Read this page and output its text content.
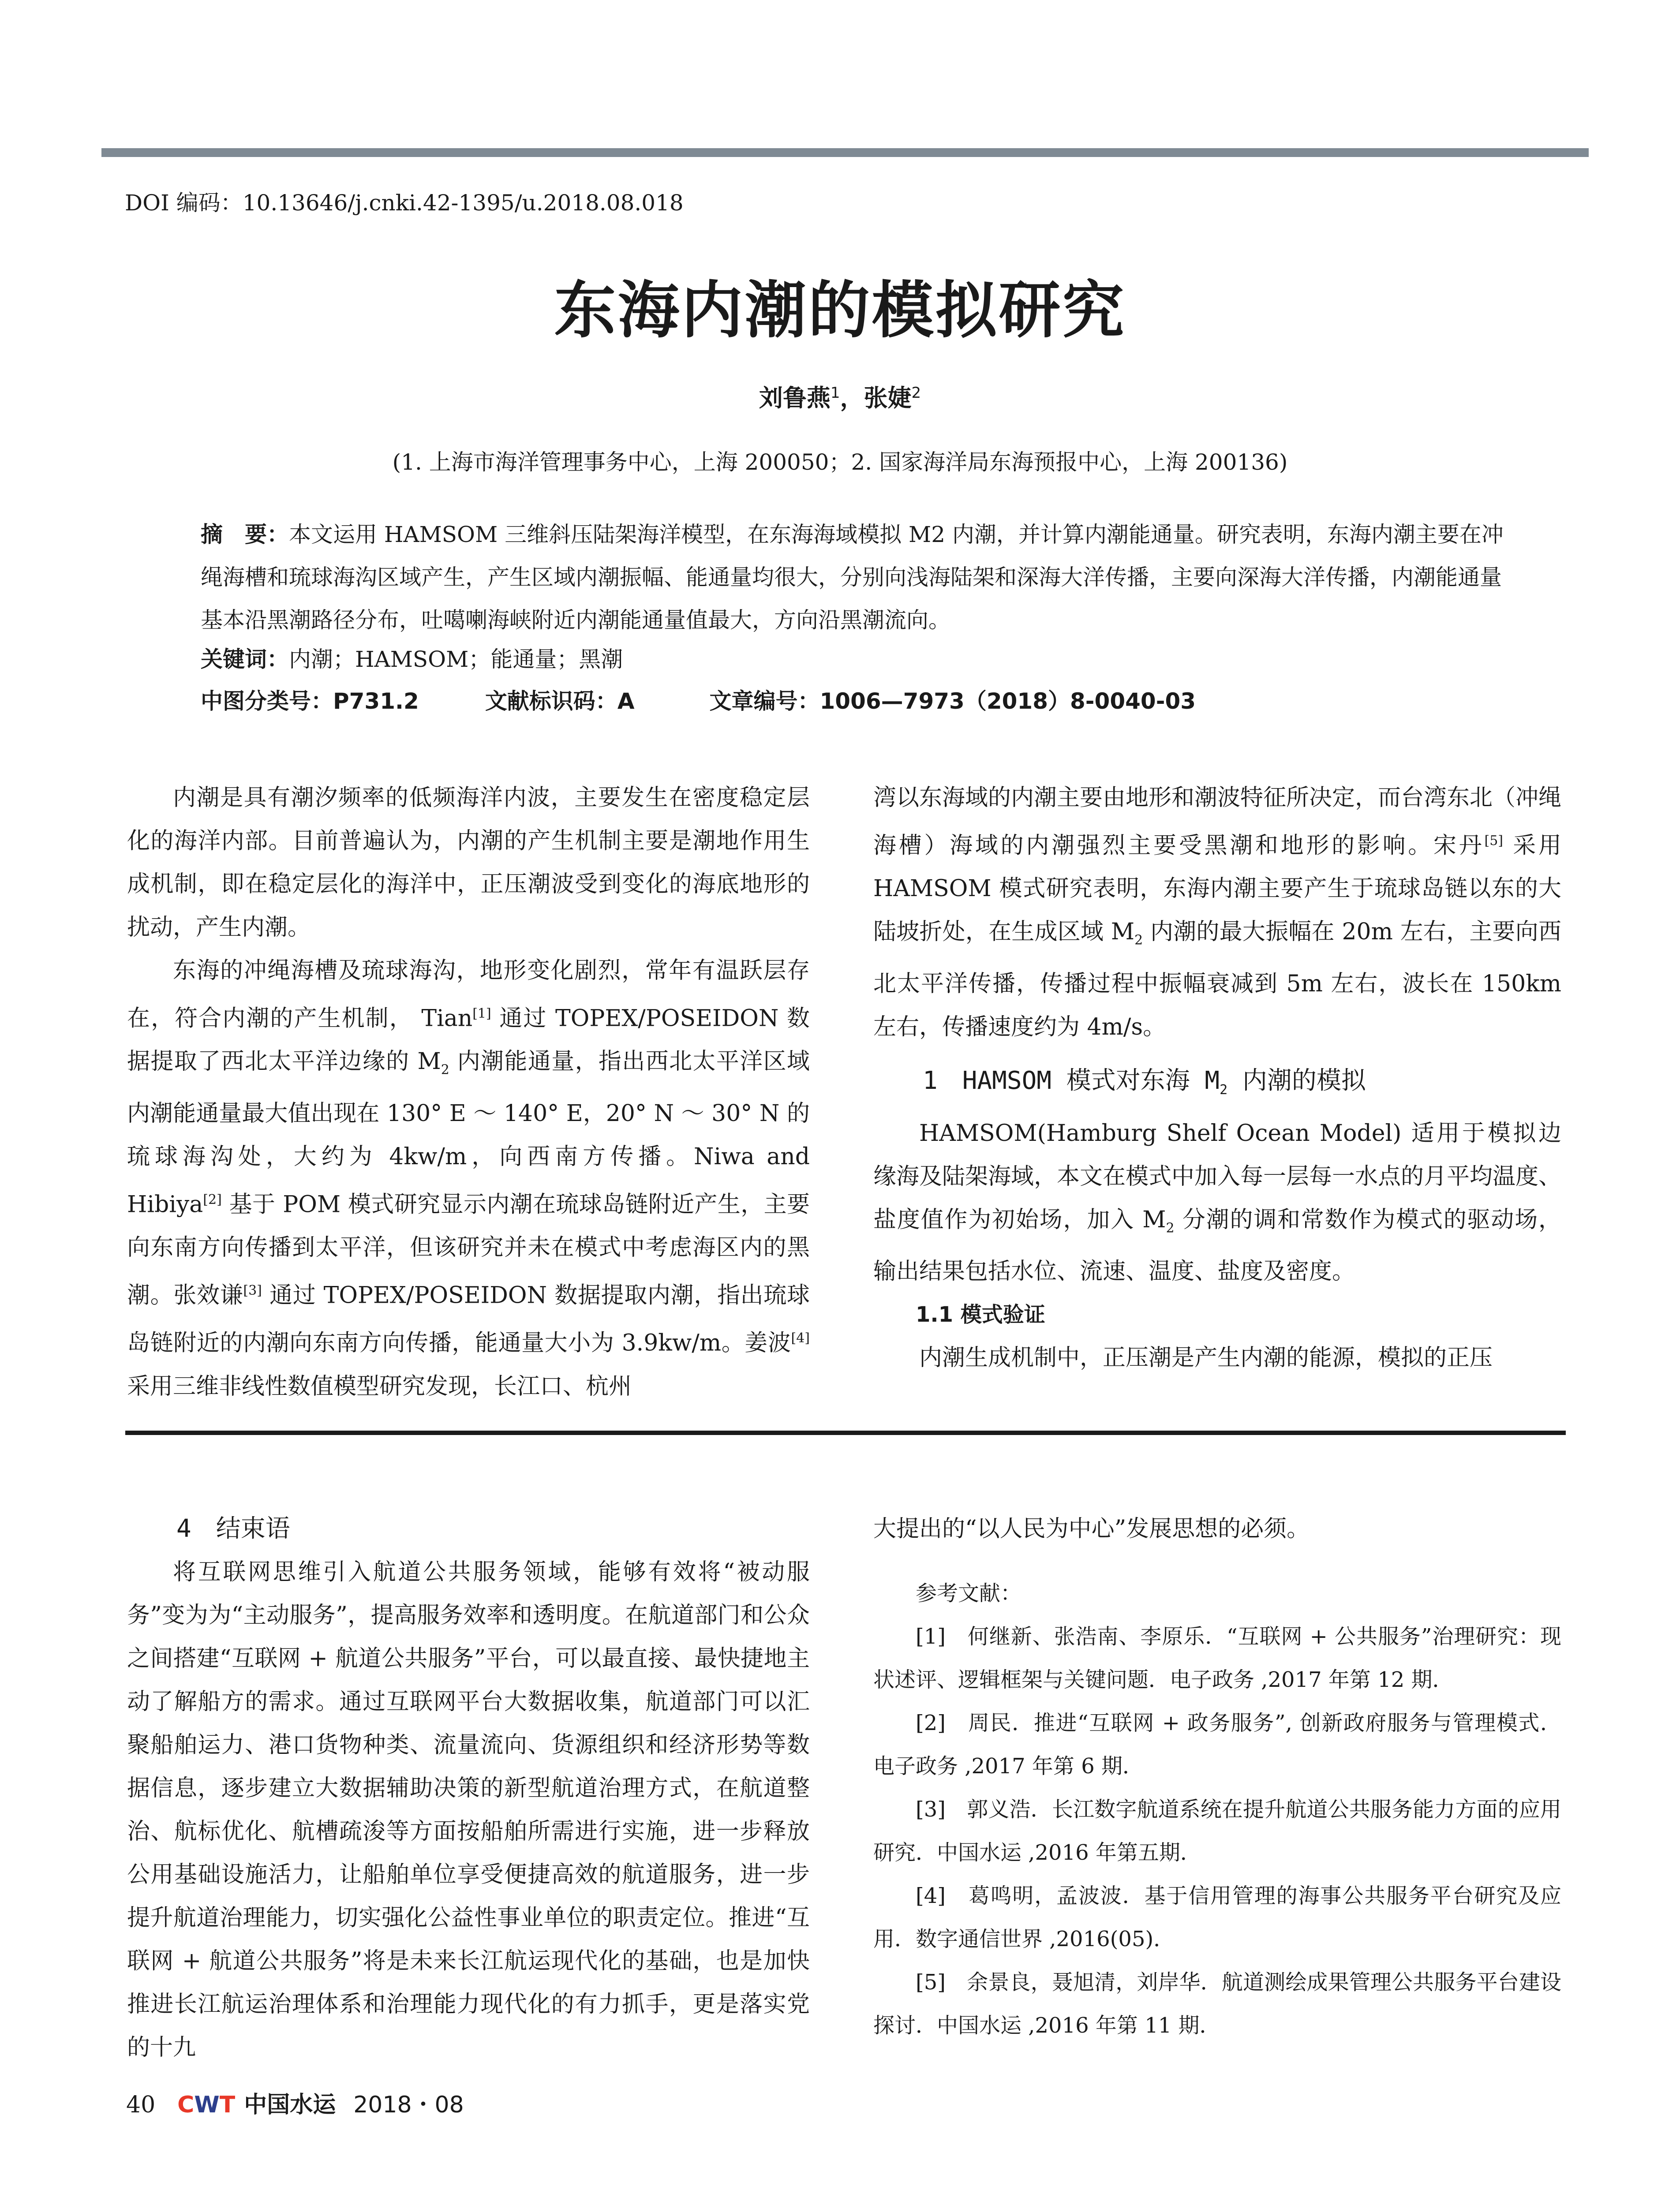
DOI 编码：10.13646/j.cnki.42-1395/u.2018.08.018
东海内潮的模拟研究
刘鲁燕$^1$，张婕$^2$
(1. 上海市海洋管理事务中心，上海 200050；2. 国家海洋局东海预报中心，上海 200136)
摘　要：本文运用 HAMSOM 三维斜压陆架海洋模型，在东海海域模拟 M2 内潮，并计算内潮能通量。研究表明，东海内潮主要在冲绳海槽和琉球海沟区域产生，产生区域内潮振幅、能通量均很大，分别向浅海陆架和深海大洋传播，主要向深海大洋传播，内潮能通量基本沿黑潮路径分布，吐噶喇海峡附近内潮能通量值最大，方向沿黑潮流向。
关键词：内潮；HAMSOM；能通量；黑潮
中图分类号：P731.2	文献标识码：A	文章编号：1006—7973（2018）8-0040-03

内潮是具有潮汐频率的低频海洋内波，主要发生在密度稳定层化的海洋内部。目前普遍认为，内潮的产生机制主要是潮地作用生成机制，即在稳定层化的海洋中，正压潮波受到变化的海底地形的扰动，产生内潮。

东海的冲绳海槽及琉球海沟，地形变化剧烈，常年有温跃层存在，符合内潮的产生机制， Tian[1] 通过 TOPEX/POSEIDON 数据提取了西北太平洋边缘的 $M_2$ 内潮能通量，指出西北太平洋区域内潮能通量最大值出现在 130° E ～ 140° E，20° N ～ 30° N 的琉球海沟处，大约为 4kw/m，向西南方传播。Niwa and Hibiya[2] 基于 POM 模式研究显示内潮在琉球岛链附近产生，主要向东南方向传播到太平洋，但该研究并未在模式中考虑海区内的黑潮。张效谦[3] 通过 TOPEX/POSEIDON 数据提取内潮，指出琉球岛链附近的内潮向东南方向传播，能通量大小为 3.9kw/m。姜波[4] 采用三维非线性数值模型研究发现，长江口、杭州

湾以东海域的内潮主要由地形和潮波特征所决定，而台湾东北（冲绳海槽）海域的内潮强烈主要受黑潮和地形的影响。宋丹[5] 采用 HAMSOM 模式研究表明，东海内潮主要产生于琉球岛链以东的大陆坡折处，在生成区域 $M_2$ 内潮的最大振幅在 20m 左右，主要向西北太平洋传播，传播过程中振幅衰减到 5m 左右，波长在 150km 左右，传播速度约为 4m/s。

1　HAMSOM 模式对东海 $M_2$ 内潮的模拟

HAMSOM(Hamburg Shelf Ocean Model) 适用于模拟边缘海及陆架海域，本文在模式中加入每一层每一水点的月平均温度、盐度值作为初始场，加入 $M_2$ 分潮的调和常数作为模式的驱动场，输出结果包括水位、流速、温度、盐度及密度。

1.1 模式验证

内潮生成机制中，正压潮是产生内潮的能源，模拟的正压

4　结束语

将互联网思维引入航道公共服务领域，能够有效将“被动服务”变为为“主动服务”，提高服务效率和透明度。在航道部门和公众之间搭建“互联网 + 航道公共服务”平台，可以最直接、最快捷地主动了解船方的需求。通过互联网平台大数据收集，航道部门可以汇聚船舶运力、港口货物种类、流量流向、货源组织和经济形势等数据信息，逐步建立大数据辅助决策的新型航道治理方式，在航道整治、航标优化、航槽疏浚等方面按船舶所需进行实施，进一步释放公用基础设施活力，让船舶单位享受便捷高效的航道服务，进一步提升航道治理能力，切实强化公益性事业单位的职责定位。推进“互联网 + 航道公共服务”将是未来长江航运现代化的基础，也是加快推进长江航运治理体系和治理能力现代化的有力抓手，更是落实党的十九

大提出的“以人民为中心”发展思想的必须。

参考文献：

[1]　何继新、张浩南、李原乐．“互联网 + 公共服务”治理研究：现状述评、逻辑框架与关键问题．电子政务 ,2017 年第 12 期．

[2]　周民．推进“互联网 + 政务服务”, 创新政府服务与管理模式．电子政务 ,2017 年第 6 期．

[3]　郭义浩．长江数字航道系统在提升航道公共服务能力方面的应用研究．中国水运 ,2016 年第五期．

[4]　葛鸣明，孟波波．基于信用管理的海事公共服务平台研究及应用．数字通信世界 ,2016(05)．

[5]　余景良，聂旭清，刘岸华．航道测绘成果管理公共服务平台建设探讨．中国水运 ,2016 年第 11 期．

40 CWT 中国水运 2018・08
